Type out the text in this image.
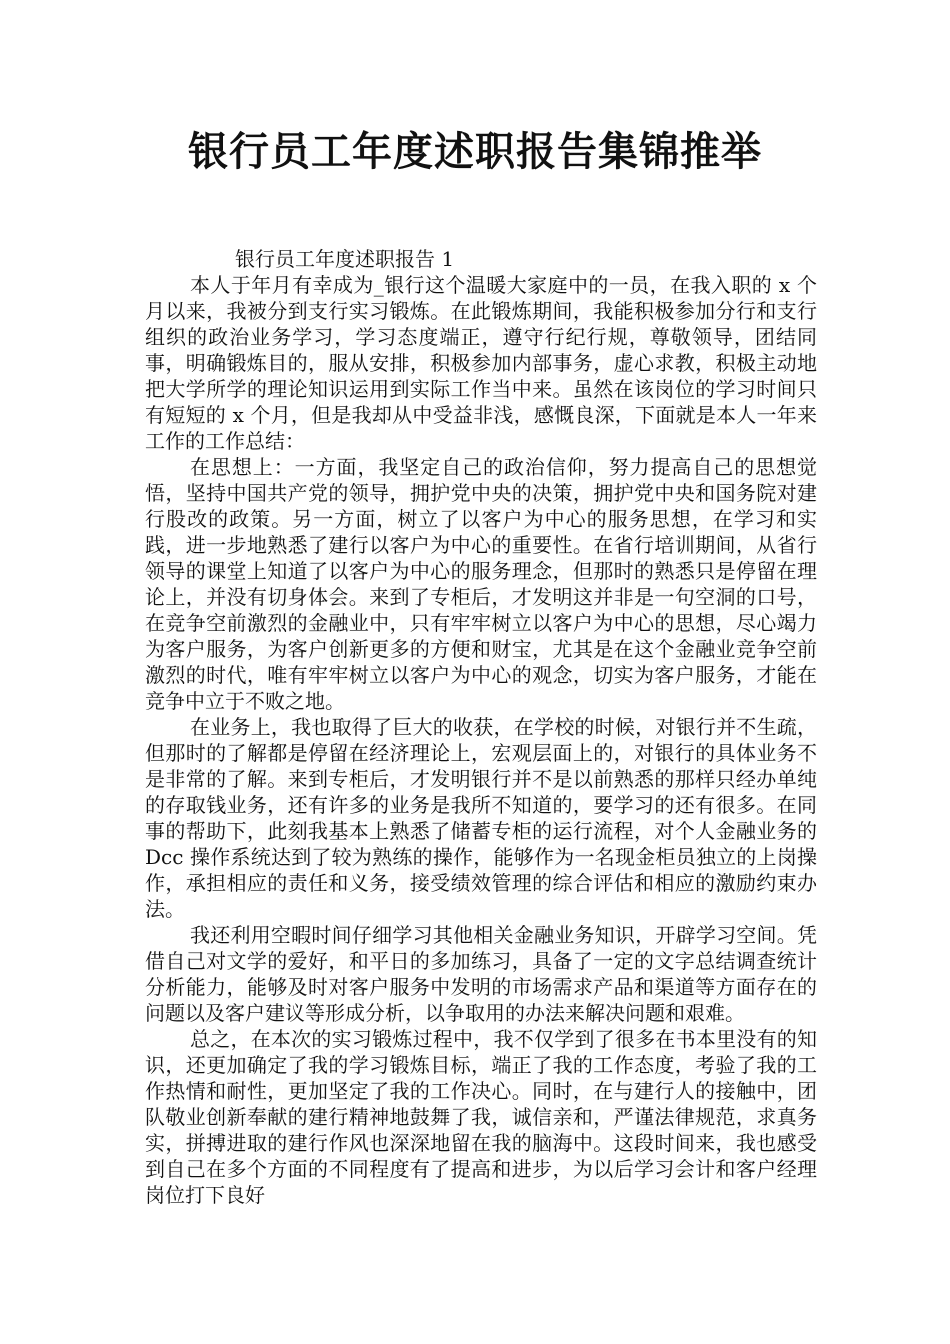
银行员工年度述职报告集锦推举

银行员工年度述职报告 1

本人于年月有幸成为_银行这个温暖大家庭中的一员，在我入职的 x 个月以来，我被分到支行实习锻炼。在此锻炼期间，我能积极参加分行和支行组织的政治业务学习，学习态度端正，遵守行纪行规，尊敬领导，团结同事，明确锻炼目的，服从安排，积极参加内部事务，虚心求教，积极主动地把大学所学的理论知识运用到实际工作当中来。虽然在该岗位的学习时间只有短短的 x 个月，但是我却从中受益非浅，感慨良深，下面就是本人一年来工作的工作总结：

在思想上：一方面，我坚定自己的政治信仰，努力提高自己的思想觉悟，坚持中国共产党的领导，拥护党中央的决策，拥护党中央和国务院对建行股改的政策。另一方面，树立了以客户为中心的服务思想，在学习和实践，进一步地熟悉了建行以客户为中心的重要性。在省行培训期间，从省行领导的课堂上知道了以客户为中心的服务理念，但那时的熟悉只是停留在理论上，并没有切身体会。来到了专柜后，才发明这并非是一句空洞的口号，在竞争空前激烈的金融业中，只有牢牢树立以客户为中心的思想，尽心竭力为客户服务，为客户创新更多的方便和财宝，尤其是在这个金融业竞争空前激烈的时代，唯有牢牢树立以客户为中心的观念，切实为客户服务，才能在竞争中立于不败之地。

在业务上，我也取得了巨大的收获，在学校的时候，对银行并不生疏，但那时的了解都是停留在经济理论上，宏观层面上的，对银行的具体业务不是非常的了解。来到专柜后，才发明银行并不是以前熟悉的那样只经办单纯的存取钱业务，还有许多的业务是我所不知道的，要学习的还有很多。在同事的帮助下，此刻我基本上熟悉了储蓄专柜的运行流程，对个人金融业务的 Dcc 操作系统达到了较为熟练的操作，能够作为一名现金柜员独立的上岗操作，承担相应的责任和义务，接受绩效管理的综合评估和相应的激励约束办法。

我还利用空暇时间仔细学习其他相关金融业务知识，开辟学习空间。凭借自己对文学的爱好，和平日的多加练习，具备了一定的文字总结调查统计分析能力，能够及时对客户服务中发明的市场需求产品和渠道等方面存在的问题以及客户建议等形成分析，以争取用的办法来解决问题和艰难。

总之，在本次的实习锻炼过程中，我不仅学到了很多在书本里没有的知识，还更加确定了我的学习锻炼目标，端正了我的工作态度，考验了我的工作热情和耐性，更加坚定了我的工作决心。同时，在与建行人的接触中，团队敬业创新奉献的建行精神地鼓舞了我，诚信亲和，严谨法律规范，求真务实，拼搏进取的建行作风也深深地留在我的脑海中。这段时间来，我也感受到自己在多个方面的不同程度有了提高和进步，为以后学习会计和客户经理岗位打下良好
